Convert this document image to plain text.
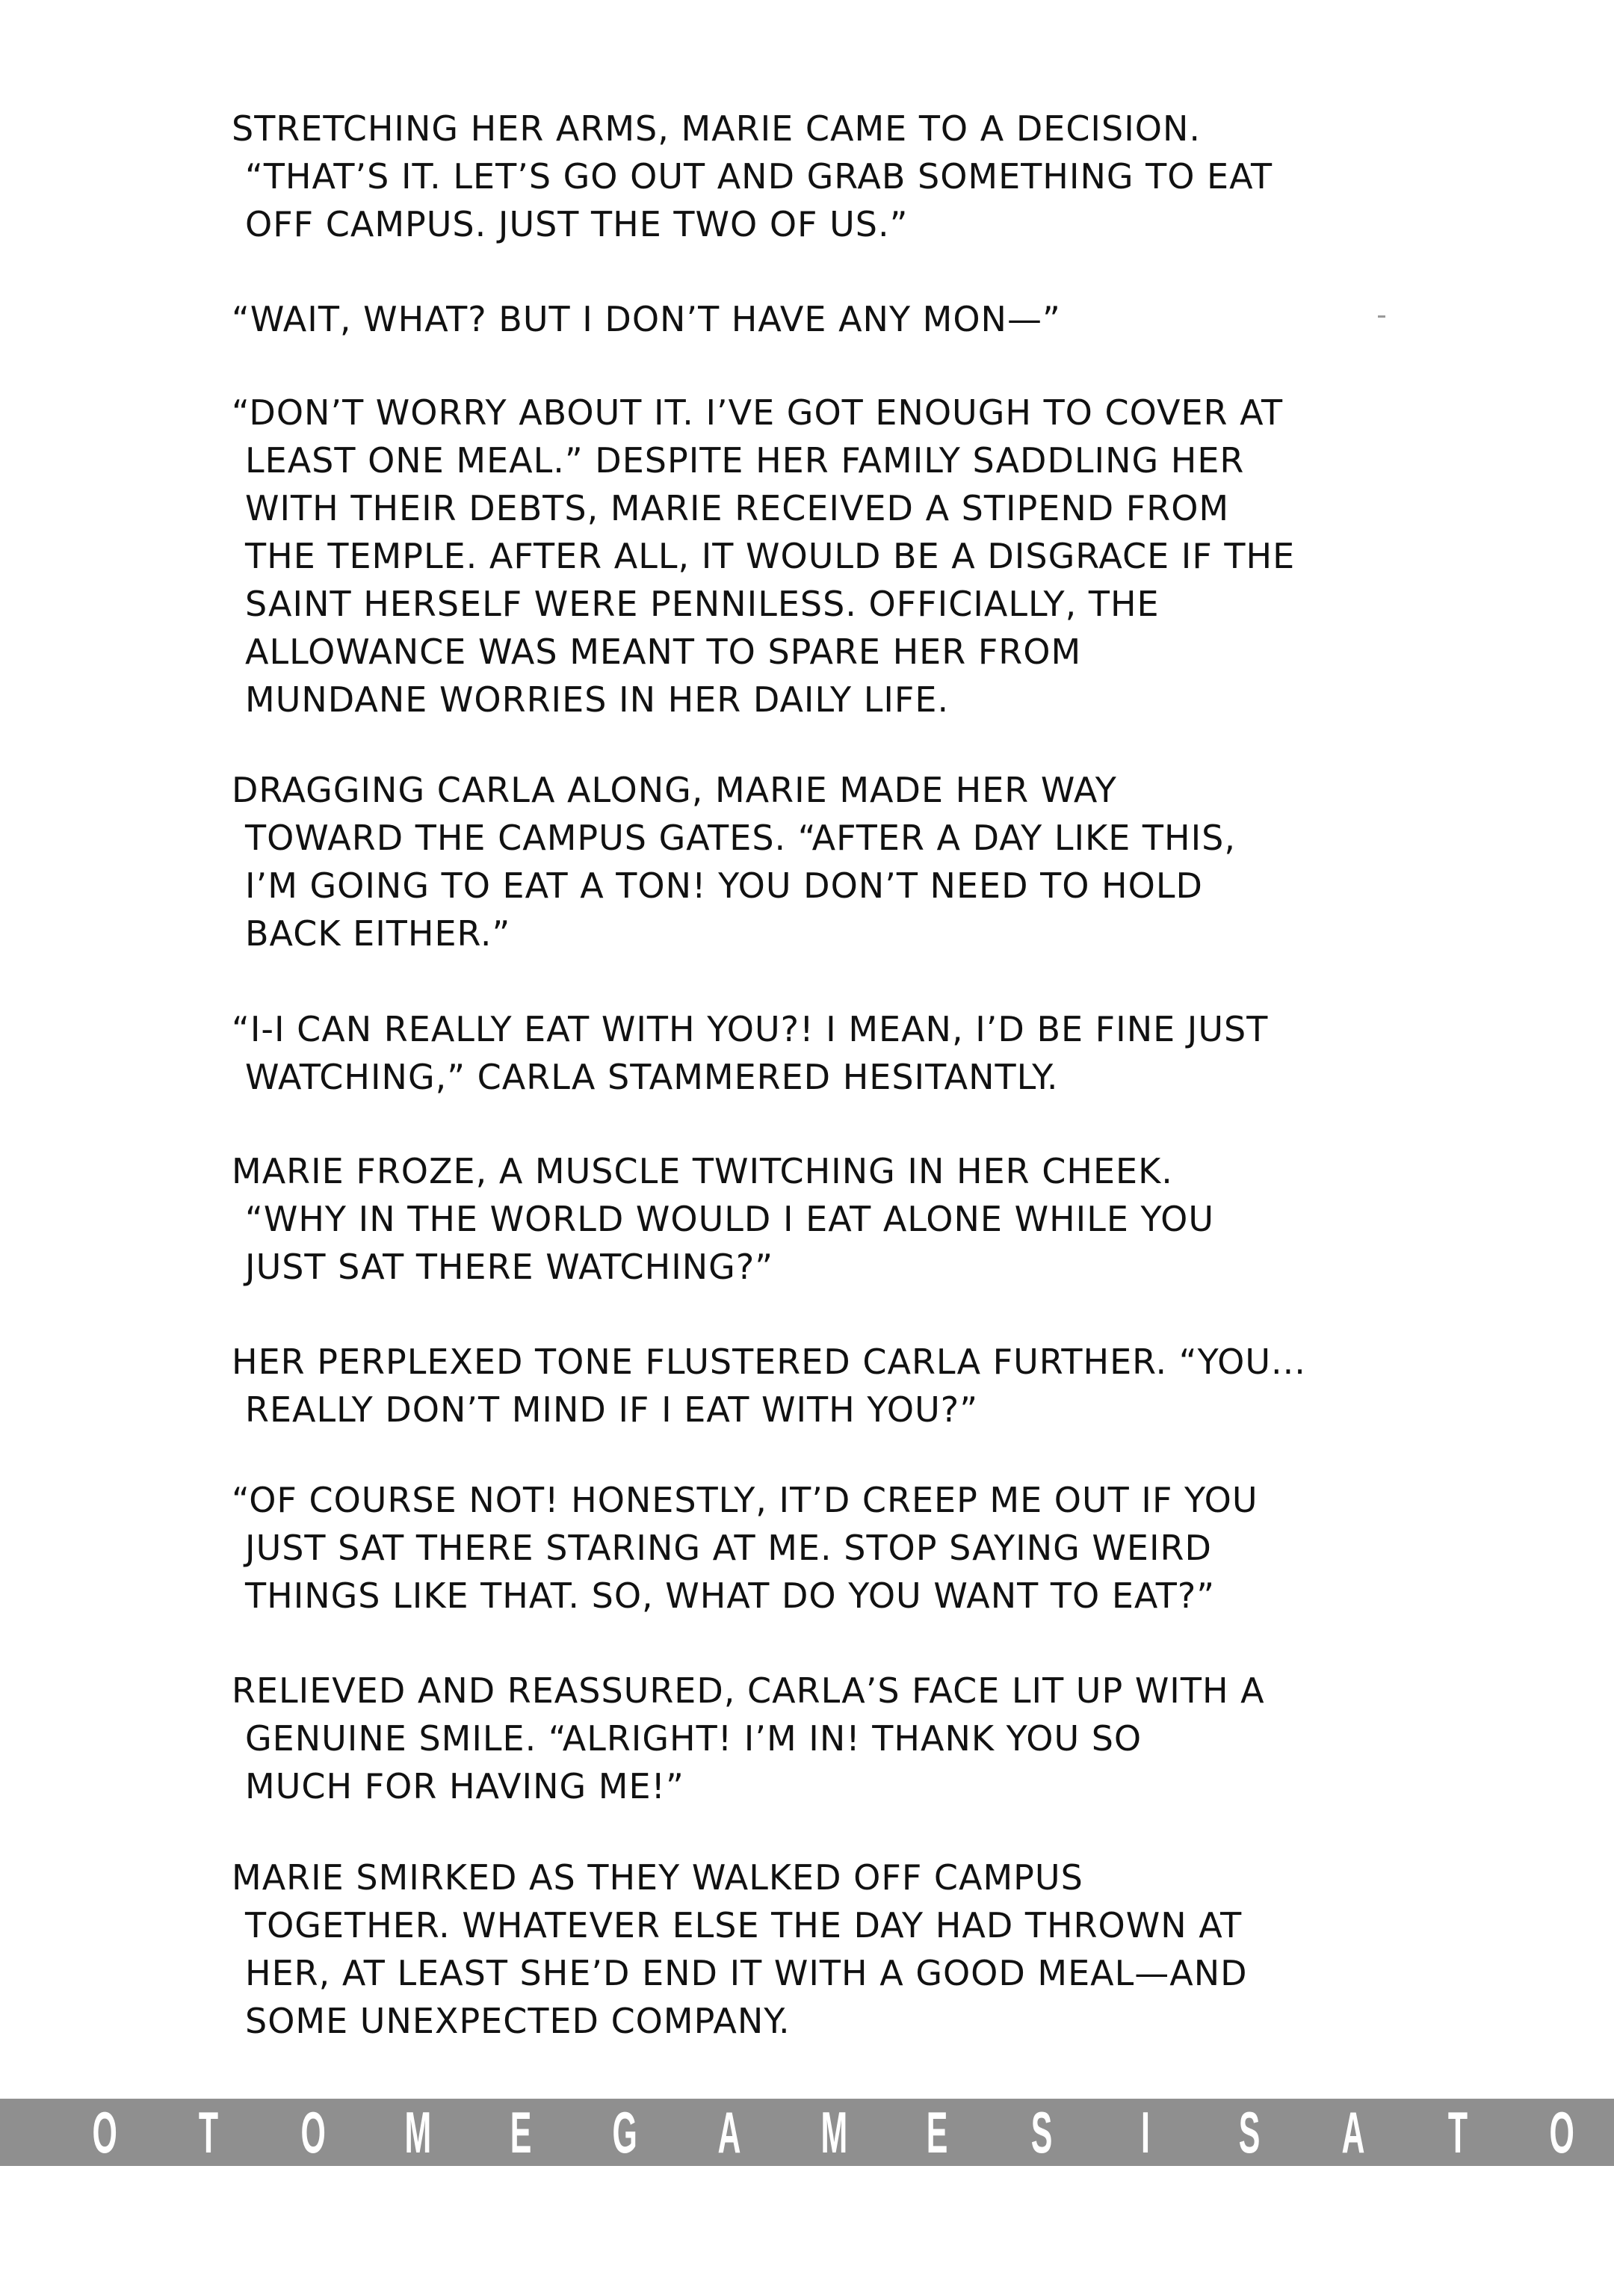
STRETCHING HER ARMS, MARIE CAME TO A DECISION.
“THAT’S IT. LET’S GO OUT AND GRAB SOMETHING TO EAT
OFF CAMPUS. JUST THE TWO OF US.”

“WAIT, WHAT? BUT I DON’T HAVE ANY MON—”

“DON’T WORRY ABOUT IT. I’VE GOT ENOUGH TO COVER AT
LEAST ONE MEAL.” DESPITE HER FAMILY SADDLING HER
WITH THEIR DEBTS, MARIE RECEIVED A STIPEND FROM
THE TEMPLE. AFTER ALL, IT WOULD BE A DISGRACE IF THE
SAINT HERSELF WERE PENNILESS. OFFICIALLY, THE
ALLOWANCE WAS MEANT TO SPARE HER FROM
MUNDANE WORRIES IN HER DAILY LIFE.

DRAGGING CARLA ALONG, MARIE MADE HER WAY
TOWARD THE CAMPUS GATES. “AFTER A DAY LIKE THIS,
I’M GOING TO EAT A TON! YOU DON’T NEED TO HOLD
BACK EITHER.”

“I-I CAN REALLY EAT WITH YOU?! I MEAN, I’D BE FINE JUST
WATCHING,” CARLA STAMMERED HESITANTLY.

MARIE FROZE, A MUSCLE TWITCHING IN HER CHEEK.
“WHY IN THE WORLD WOULD I EAT ALONE WHILE YOU
JUST SAT THERE WATCHING?”

HER PERPLEXED TONE FLUSTERED CARLA FURTHER. “YOU...
REALLY DON’T MIND IF I EAT WITH YOU?”

“OF COURSE NOT! HONESTLY, IT’D CREEP ME OUT IF YOU
JUST SAT THERE STARING AT ME. STOP SAYING WEIRD
THINGS LIKE THAT. SO, WHAT DO YOU WANT TO EAT?”

RELIEVED AND REASSURED, CARLA’S FACE LIT UP WITH A
GENUINE SMILE. “ALRIGHT! I’M IN! THANK YOU SO
MUCH FOR HAVING ME!”

MARIE SMIRKED AS THEY WALKED OFF CAMPUS
TOGETHER. WHATEVER ELSE THE DAY HAD THROWN AT
HER, AT LEAST SHE’D END IT WITH A GOOD MEAL—AND
SOME UNEXPECTED COMPANY.

O T O M E G A M E S I S A T O
